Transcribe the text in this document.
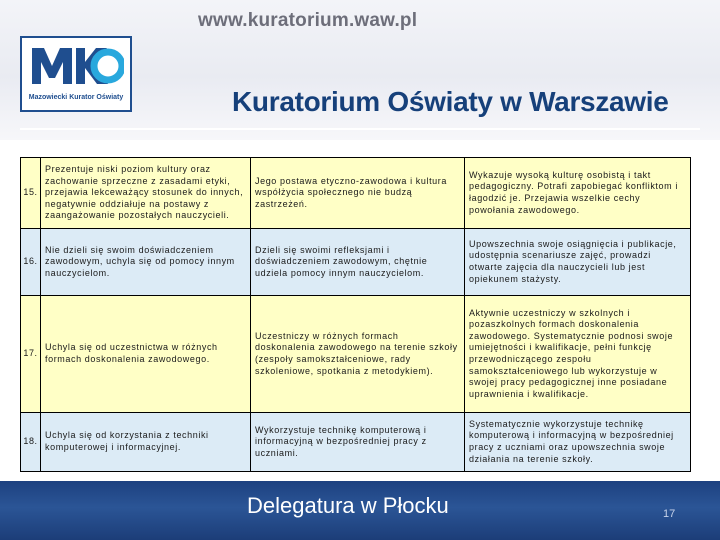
www.kuratorium.waw.pl
Mazowiecki Kurator Oświaty	Kuratorium Oświaty w Warszawie
15.	Prezentuje niski poziom kultury oraz zachowanie sprzeczne z zasadami etyki, przejawia lekceważący stosunek do innych, negatywnie oddziałuje na postawy z zaangażowanie pozostałych nauczycieli.	Jego postawa etyczno-zawodowa i kultura współżycia społecznego nie budzą zastrzeżeń.	Wykazuje wysoką kulturę osobistą i takt pedagogiczny. Potrafi zapobiegać konfliktom i łagodzić je. Przejawia wszelkie cechy powołania zawodowego.
16.	Nie dzieli się swoim doświadczeniem zawodowym, uchyla się od pomocy innym nauczycielom.	Dzieli się swoimi refleksjami i doświadczeniem zawodowym, chętnie udziela pomocy innym nauczycielom.	Upowszechnia swoje osiągnięcia i publikacje, udostępnia scenariusze zajęć, prowadzi otwarte zajęcia dla nauczycieli lub jest opiekunem stażysty.
17.	Uchyla się od uczestnictwa w różnych formach doskonalenia zawodowego.	Uczestniczy w różnych formach doskonalenia zawodowego na terenie szkoły (zespoły samokształceniowe, rady szkoleniowe, spotkania z metodykiem).	Aktywnie uczestniczy w szkolnych i pozaszkolnych formach doskonalenia zawodowego. Systematycznie podnosi swoje umiejętności i kwalifikacje, pełni funkcję przewodniczącego zespołu samokształceniowego lub wykorzystuje w swojej pracy pedagogicznej inne posiadane uprawnienia i kwalifikacje.
18.	Uchyla się od korzystania z techniki komputerowej i informacyjnej.	Wykorzystuje technikę komputerową i informacyjną w bezpośredniej pracy z uczniami.	Systematycznie wykorzystuje technikę komputerową i informacyjną w bezpośredniej pracy z uczniami oraz upowszechnia swoje działania na terenie szkoły.
Delegatura w Płocku	17
